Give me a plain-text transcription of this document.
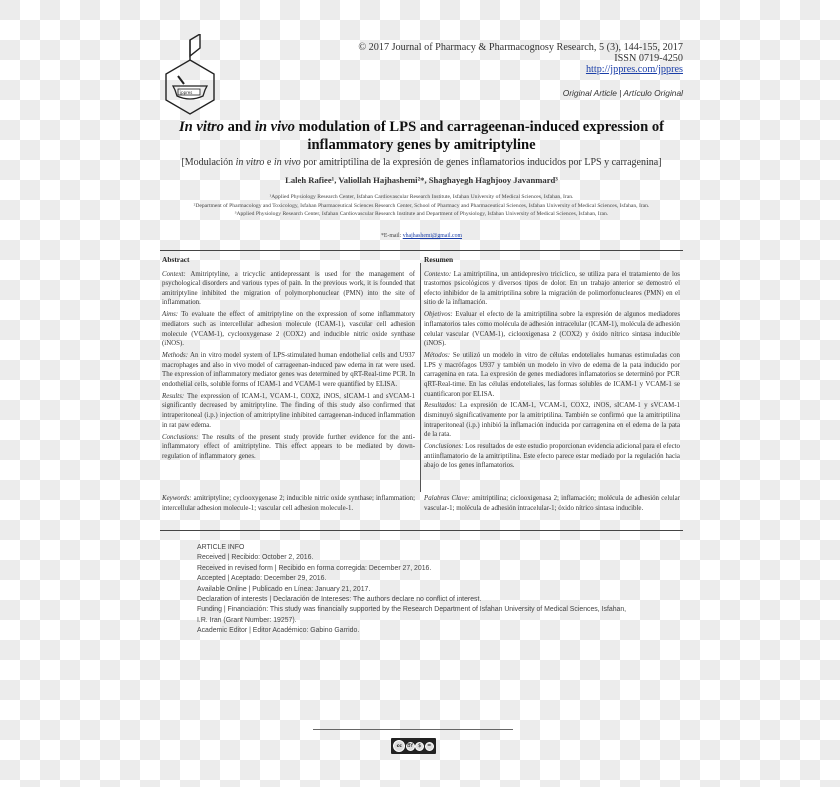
jppres
© 2017 Journal of Pharmacy & Pharmacognosy Research, 5 (3), 144-155, 2017
ISSN 0719-4250
http://jppres.com/jppres
Original Article | Artículo Original
In vitro and in vivo modulation of LPS and carrageenan-induced expression of inflammatory genes by amitriptyline
[Modulación in vitro e in vivo por amitriptilina de la expresión de genes inflamatorios inducidos por LPS y carragenina]
Laleh Rafiee¹, Valiollah Hajhashemi²*, Shaghayegh Haghjooy Javanmard³
¹Applied Physiology Research Center, Isfahan Cardiovascular Research Institute, Isfahan University of Medical Sciences, Isfahan, Iran.
²Department of Pharmacology and Toxicology, Isfahan Pharmaceutical Sciences Research Center, School of Pharmacy and Pharmaceutical Sciences, Isfahan University of Medical Sciences, Isfahan, Iran.
³Applied Physiology Research Center, Isfahan Cardiovascular Research Institute and Department of Physiology, Isfahan University of Medical Sciences, Isfahan, Iran.
*E-mail: vhajhashemi@gmail.com
Abstract

Context: Amitriptyline, a tricyclic antidepressant is used for the management of psychological disorders and various types of pain. In the previous work, it is founded that amitriptyline inhibited the migration of polymorphonuclear (PMN) into the site of inflammation.

Aims: To evaluate the effect of amitriptyline on the expression of some inflammatory mediators such as intercellular adhesion molecule (ICAM-1), vascular cell adhesion molecule (VCAM-1), cyclooxygenase 2 (COX2) and inducible nitric oxide synthase (iNOS).

Methods: An in vitro model system of LPS-stimulated human endothelial cells and U937 macrophages and also in vivo model of carrageenan-induced paw edema in rat were used. The expression of inflammatory mediator genes was determined by qRT-Real-time PCR. In endothelial cells, soluble forms of ICAM-1 and VCAM-1 were quantified by ELISA.

Results: The expression of ICAM-1, VCAM-1, COX2, iNOS, sICAM-1 and sVCAM-1 significantly decreased by amitriptyline. The finding of this study also confirmed that intraperitoneal (i.p.) injection of amitriptyline inhibited carrageenan-induced inflammation in rat paw edema.

Conclusions: The results of the present study provide further evidence for the anti-inflammatory effect of amitriptyline. This effect appears to be mediated by down-regulation of inflammatory genes.

Resumen

Contexto: La amitriptilina, un antidepresivo tricíclico, se utiliza para el tratamiento de los trastornos psicológicos y diversos tipos de dolor. En un trabajo anterior se demostró el efecto inhibidor de la amitriptilina sobre la migración de polimorfonucleares (PMN) en el sitio de la inflamación.

Objetivos: Evaluar el efecto de la amitriptilina sobre la expresión de algunos mediadores inflamatorios tales como molécula de adhesión intracelular (ICAM-1), molécula de adhesión celular vascular (VCAM-1), ciclooxigenasa 2 (COX2) y óxido nítrico sintasa inducible (iNOS).

Métodos: Se utilizó un modelo in vitro de células endoteliales humanas estimuladas con LPS y macrófagos U937 y también un modelo in vivo de edema de la pata inducido por carragenina en rata. La expresión de genes mediadores inflamatorios se determinó por PCR qRT-Real-time. En las células endoteliales, las formas solubles de ICAM-1 y VCAM-1 se cuantificaron por ELISA.

Resultados: La expresión de ICAM-1, VCAM-1, COX2, iNOS, sICAM-1 y sVCAM-1 disminuyó significativamente por la amitriptilina. También se confirmó que la amitriptilina intraperitoneal (i.p.) inhibió la inflamación inducida por carragenina en el edema de la pata de la rata.

Conclusiones: Los resultados de este estudio proporcionan evidencia adicional para el efecto antiinflamatorio de la amitriptilina. Este efecto parece estar mediado por la regulación hacia abajo de los genes inflamatorios.

Keywords: amitriptyline; cyclooxygenase 2; inducible nitric oxide synthase; inflammation; intercellular adhesion molecule-1; vascular cell adhesion molecule-1.

Palabras Clave: amitriptilina; ciclooxigenasa 2; inflamación; molécula de adhesión celular vascular-1; molécula de adhesión intracelular-1; óxido nítrico sintasa inducible.

ARTICLE INFO
Received | Recibido: October 2, 2016.
Received in revised form | Recibido en forma corregida: December 27, 2016.
Accepted | Aceptado: December 29, 2016.
Available Online | Publicado en Línea: January 21, 2017.
Declaration of interests | Declaración de Intereses: The authors declare no conflict of interest.
Funding | Financiación: This study was financially supported by the Research Department of Isfahan University of Medical Sciences, Isfahan,
I.R. Iran (Grant Number: 19257).
Academic Editor | Editor Académico: Gabino Garrido.
cc	BY $	=
